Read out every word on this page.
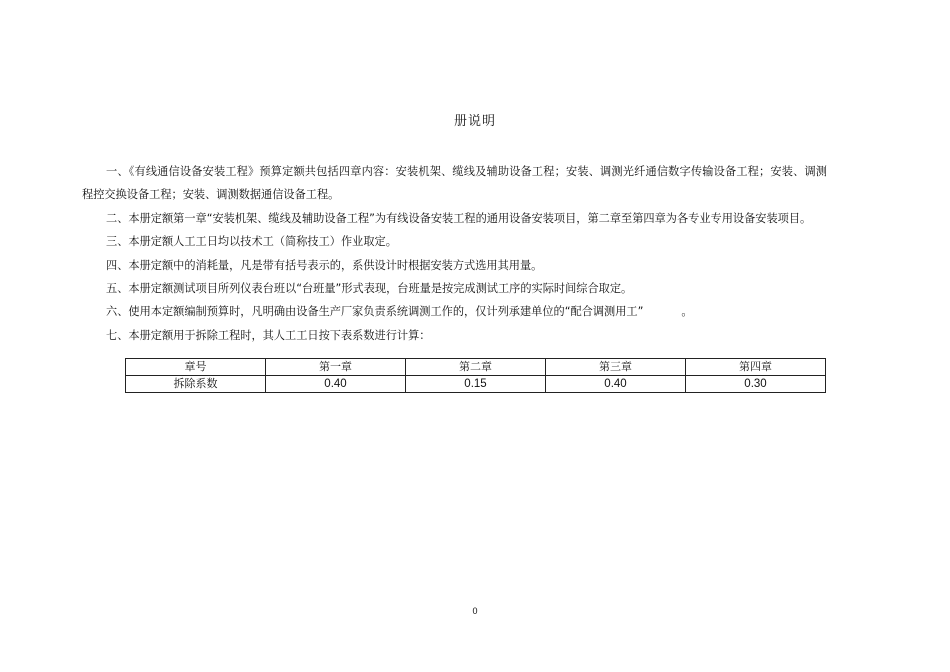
册说明

一、《有线通信设备安装工程》预算定额共包括四章内容：安装机架、缆线及辅助设备工程；安装、调测光纤通信数字传输设备工程；安装、调测程控交换设备工程；安装、调测数据通信设备工程。

二、本册定额第一章“安装机架、缆线及辅助设备工程”为有线设备安装工程的通用设备安装项目，第二章至第四章为各专业专用设备安装项目。

三、本册定额人工工日均以技术工（简称技工）作业取定。

四、本册定额中的消耗量，凡是带有括号表示的，系供设计时根据安装方式选用其用量。

五、本册定额测试项目所列仪表台班以“台班量”形式表现，台班量是按完成测试工序的实际时间综合取定。

六、使用本定额编制预算时，凡明确由设备生产厂家负责系统调测工作的，仅计列承建单位的“配合调测用工”	。

七、本册定额用于拆除工程时，其人工工日按下表系数进行计算：

章号	第一章	第二章	第三章	第四章
拆除系数	0.40	0.15	0.40	0.30
0
